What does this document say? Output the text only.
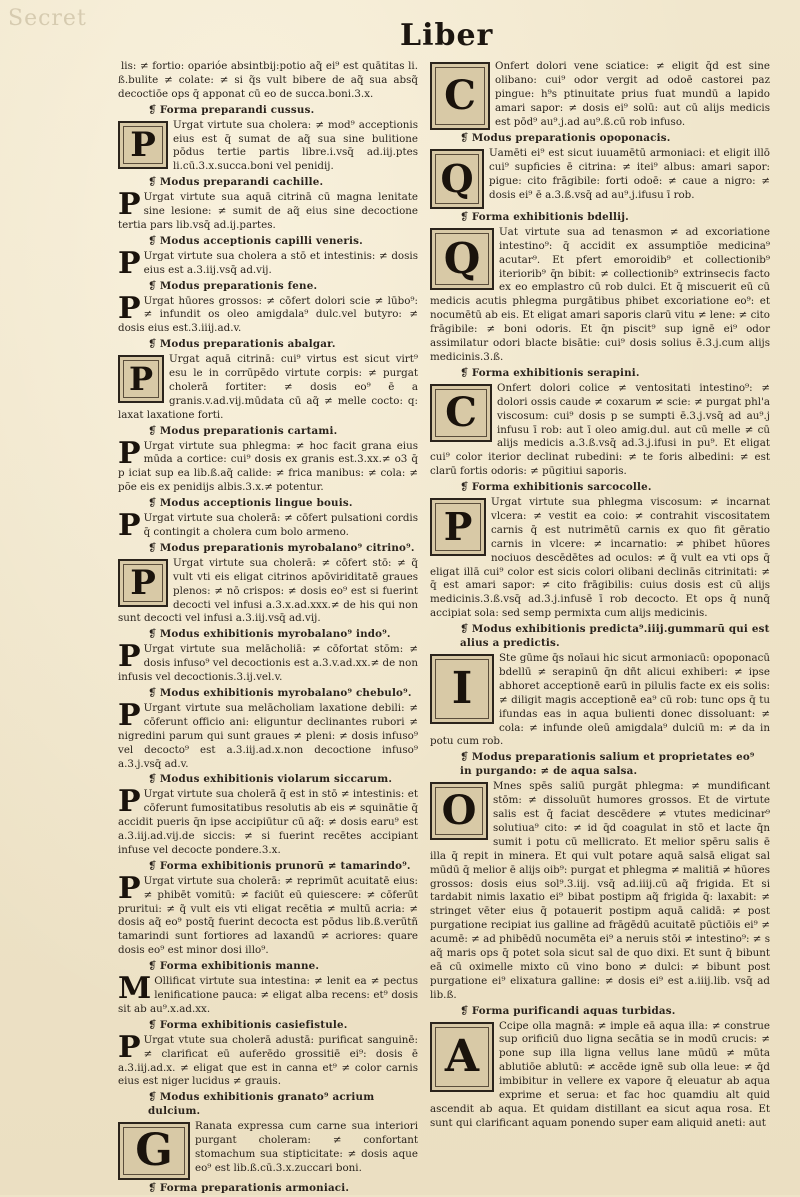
Secret	Liber
lis: ≠ fortio: oparióe absintbij:potio aq̃ ei⁹ est quātitas li. ß.bulite ≠ colate: ≠ si q̃s vult bibere de aq̃ sua absq̃ decoctiōe ops q̄ apponat cū eo de succa.boni.3.x.
❡ Forma preparandi cussus.
P	Urgat virtute sua cholera: ≠ mod⁹ acceptionis eius est q̄ sumat de aq̃ sua sine bulitione pōdus tertie partis libre.i.vsq̄ ad.iij.ptes li.cū.3.x.succa.boni vel penidij.
❡ Modus preparandi cachille.
P Urgat virtute sua aquā citrinā cū magna lenitate sine lesione: ≠ sumit de aq̃ eius sine decoctione tertia pars lib.vsq̄ ad.ij.partes.
❡ Modus acceptionis capilli veneris.
P Urgat virtute sua cholera a stō et intestinis: ≠ dosis eius est a.3.iij.vsq̄ ad.vij.
❡ Modus preparationis fene.
P Urgat hūores grossos: ≠ cōfert dolori scie ≠ lūbo⁹: ≠ infundit os oleo amigdala⁹ dulc.vel butyro: ≠ dosis eius est.3.iiij.ad.v.
❡ Modus preparationis abalgar.
P
Urgat aquā citrinā: cui⁹ virtus est sicut virt⁹ esu le in corrūpēdo virtute corpis: ≠ purgat cholerā fortiter: ≠ dosis eo⁹ ē a granis.v.ad.vij.mūdata cū aq̃ ≠ melle cocto: q: laxat laxatione forti.
❡ Modus preparationis cartami.
P Urgat virtute sua phlegma: ≠ hoc facit grana eius mūda a cortice: cui⁹ dosis ex granis est.3.xx.≠ o3 q̄ p iciat sup ea lib.ß.aq̃ calide: ≠ frica manibus: ≠ cola: ≠ põe eis ex penidijs albis.3.x.≠ potentur.
❡ Modus acceptionis lingue bouis.
P Urgat virtute sua cholerā: ≠ cōfert pulsationi cordis q̄ contingit a cholera cum bolo armeno.
❡ Modus preparationis myrobalano⁹ citrino⁹.
P	Urgat virtute sua cholerā: ≠ cōfert stō: ≠ q̃ vult vti eis eligat citrinos apōviriditatē graues plenos: ≠ nō crispos: ≠ dosis eo⁹ est si fuerint decocti vel infusi a.3.x.ad.xxx.≠ de his qui non sunt decocti vel infusi a.3.iij.vsq̄ ad.vij.
❡ Modus exhibitionis myrobalano⁹ indo⁹.
P Urgat virtute sua melācholiā: ≠ cōfortat stōm: ≠ dosis infuso⁹ vel decoctionis est a.3.v.ad.xx.≠ de non infusis vel decoctionis.3.ij.vel.v.
❡ Modus exhibitionis myrobalano⁹ chebulo⁹.
P Urgant virtute sua melācholiam laxatione debili: ≠ cōferunt officio ani: eliguntur declinantes rubori ≠ nigredini parum qui sunt graues ≠ pleni: ≠ dosis infuso⁹ vel decocto⁹ est a.3.iij.ad.x.non decoctione infuso⁹ a.3.j.vsq̄ ad.v.
❡ Modus exhibitionis violarum siccarum.
P Urgat virtute sua cholerā q̄ est in stō ≠ intestinis: et cōferunt fumositatibus resolutis ab eis ≠ squinātie q̄ accidit pueris q̄n ipse accipiūtur cū aq̃: ≠ dosis earu⁹ est a.3.iij.ad.vij.de siccis: ≠ si fuerint recētes accipiant infuse vel decocte pondere.3.x.
❡ Forma exhibitionis prunorū ≠ tamarindo⁹.
P Urgat virtute sua cholerā: ≠ reprimūt acuitatē eius: ≠ phibēt vomitū: ≠ faciūt eū quiescere: ≠ cōferūt pruritui: ≠ q̃ vult eis vti eligat recētia ≠ multū acria: ≠ dosis aq̃ eo⁹ postq̄ fuerint decocta est pōdus lib.ß.verūtñ tamarindi sunt fortiores ad laxandū ≠ acriores: quare dosis eo⁹ est minor dosi illo⁹.
❡ Forma exhibitionis manne.
M Ollificat virtute sua intestina: ≠ lenit ea ≠ pectus lenificatione pauca: ≠ eligat alba recens: et⁹ dosis sit ab au⁹.x.ad.xx.
❡ Forma exhibitionis casiefistule.
P Urgat vtute sua cholerā adustā: purificat sanguinē: ≠ clarificat eū auferēdo grossitiē ei⁹: dosis ē a.3.iij.ad.x. ≠ eligat que est in canna et⁹ ≠ color carnis eius est niger lucidus ≠ grauis.
❡ Modus exhibitionis granato⁹ acrium dulcium.
G	Ranata expressa cum carne sua interiori purgant choleram: ≠ confortant stomachum sua stipticitate: ≠ dosis aque eo⁹ est lib.ß.cū.3.x.zuccari boni.
❡ Forma preparationis armoniaci.
C
Onfert dolori vene sciatice: ≠ eligit q̄d est sine olibano: cui⁹ odor vergit ad odoē castorei paz pingue: h⁹s ptinuitate prius fuat mundū a lapido amari sapor: ≠ dosis ei⁹ solū: aut cū alijs medicis est pōd⁹ au⁹.j.ad au⁹.ß.cū rob infuso.
❡ Modus preparationis opoponacis.
Q
Uamēti ei⁹ est sicut iuuamētū armoniaci: et eligit illō cui⁹ supficies ē citrina: ≠ itei⁹ albus: amari sapor: pigue: cito frāgibile: forti odoē: ≠ caue a nigro: ≠ dosis ei⁹ ē a.3.ß.vsq̄ ad au⁹.j.ifusu ī rob.
❡ Forma exhibitionis bdellij.
Q
Uat virtute sua ad tenasmon ≠ ad excoriatione intestino⁹: q̄ accidit ex assumptiōe medicina⁹ acutar⁹. Et pfert emoroidib⁹ et collectionib⁹ iteriorib⁹ q̄n bibit: ≠ collectionib⁹ extrinsecis facto ex eo emplastro cū rob dulci. Et q̄ miscuerit eū cū medicis acutis phlegma purgātibus phibet excoriatione eo⁹: et nocumētū ab eis. Et eligat amari saporis clarū vitu ≠ lene: ≠ cito frāgibile: ≠ boni odoris. Et q̄n piscit⁹ sup ignē ei⁹ odor assimilatur odori blacte bisātie: cui⁹ dosis solius ē.3.j.cum alijs medicinis.3.ß.
❡ Forma exhibitionis serapini.
C
Onfert dolori colice ≠ ventositati intestino⁹: ≠ dolori ossis caude ≠ coxarum ≠ scie: ≠ purgat phl'a viscosum: cui⁹ dosis p se sumpti ē.3.j.vsq̄ ad au⁹.j infusu ī rob: aut ī oleo amig.dul. aut cū melle ≠ cū alijs medicis a.3.ß.vsq̄ ad.3.j.ifusi in pu⁹. Et eligat cui⁹ color iterior declinat rubedini: ≠ te foris albedini: ≠ est clarū fortis odoris: ≠ pūgitiui saporis.
❡ Forma exhibitionis sarcocolle.
P
Urgat virtute sua phlegma viscosum: ≠ incarnat vlcera: ≠ vestit ea coio: ≠ contrahit viscositatem carnis q̄ est nutrimētū carnis ex quo fit gēratio carnis in vlcere: ≠ incarnatio: ≠ phibet hūores nociuos descēdētes ad oculos: ≠ q̃ vult ea vti ops q̄ eligat illā cui⁹ color est sicis colori olibani declinās citrinitati: ≠ q̄ est amari sapor: ≠ cito frāgibilis: cuius dosis est cū alijs medicinis.3.ß.vsq̄ ad.3.j.infusē ī rob decocto. Et ops q̄ nunq̄ accipiat sola: sed semp permixta cum alijs medicinis.
❡ Modus exhibitionis predicta⁹.iiij.gummarū qui est alius a predictis.
I
Ste gūme q̄s noīaui hic sicut armoniacū: opoponacū bdellū ≠ serapinū q̄n dñt alicui exhiberi: ≠ ipse abhoret acceptionē earū in pilulis facte ex eis solis: ≠ diligit magis acceptionē ea⁹ cū rob: tunc ops q̄ tu ifundas eas in aqua bulienti donec dissoluant: ≠ cola: ≠ infunde oleū amigdala⁹ dulciū m: ≠ da in potu cum rob.
❡ Modus preparationis salium et proprietates eo⁹ in purgando: ≠ de aqua salsa.
O
Mnes spēs saliū purgāt phlegma: ≠ mundificant stōm: ≠ dissoluūt humores grossos. Et de virtute salis est q̄ faciat descēdere ≠ vtutes medicinar⁹ solutiua⁹ cito: ≠ id q̄d coagulat in stō et lacte q̄n sumit i potu cū mellicrato. Et melior spēru salis ē illa q̄ repit in minera. Et qui vult potare aquā salsā eligat sal mūdū q̄ melior ē alijs oib⁹: purgat et phlegma ≠ malitiā ≠ hūores grossos: dosis eius sol⁹.3.iij. vsq̄ ad.iiij.cū aq̃ frigida. Et si tardabit nimis laxatio ei⁹ bibat postipm aq̃ frigida q̄: laxabit: ≠ stringet vēter eius q̄ potauerit postipm aquā calidā: ≠ post purgatione recipiat ius galline ad frāgēdū acuitatē pūctiōis ei⁹ ≠ acumē: ≠ ad phibēdū nocumēta ei⁹ a neruis stōi ≠ intestino⁹: ≠ s aq̃ maris ops q̄ potet sola sicut sal de quo dixi. Et sunt q̄ bibunt eā cū oximelle mixto cū vino bono ≠ dulci: ≠ bibunt post purgatione ei⁹ elixatura galline: ≠ dosis ei⁹ est a.iiij.lib. vsq̄ ad lib.ß.
❡ Forma purificandi aquas turbidas.
A
Ccipe olla magnā: ≠ imple eā aqua illa: ≠ construe sup orificiū duo ligna secātia se in modū crucis: ≠ pone sup illa ligna vellus lane mūdū ≠ mūta ablutiōe ablutū: ≠ accēde ignē sub olla leue: ≠ q̄d imbibitur in vellere ex vapore q̄ eleuatur ab aqua exprime et serua: et fac hoc quamdiu alt quid ascendit ab aqua. Et quidam distillant ea sicut aqua rosa. Et sunt qui clarificant aquam ponendo super eam aliquid aneti: aut
